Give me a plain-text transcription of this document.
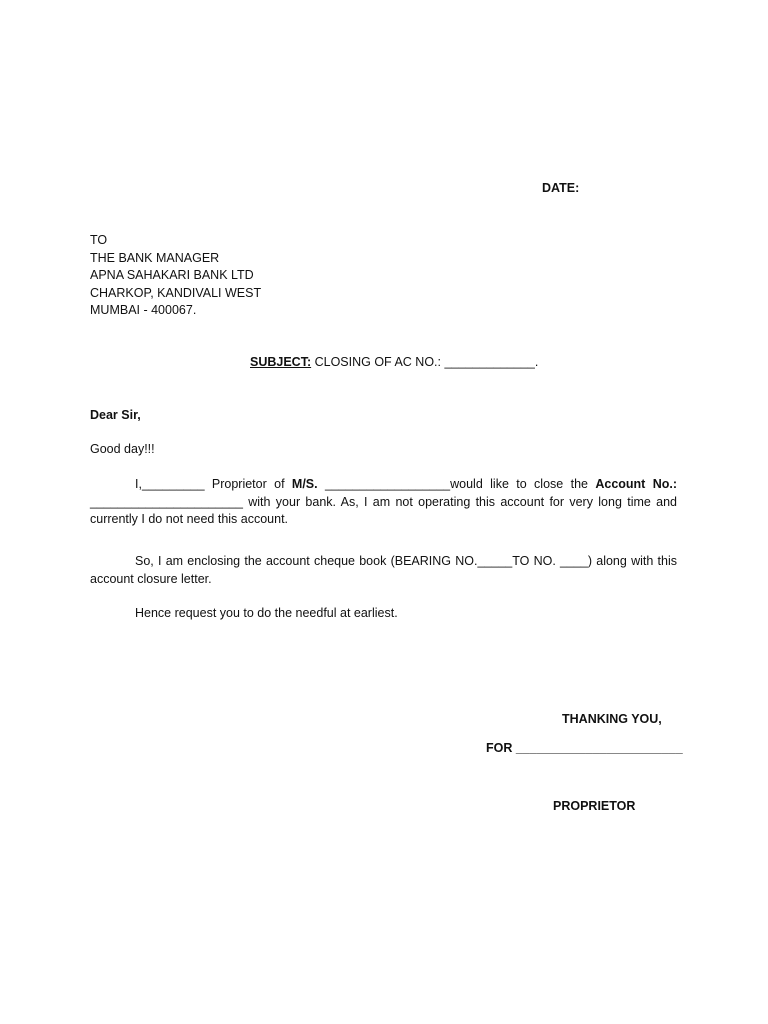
DATE:
TO
THE BANK MANAGER
APNA SAHAKARI BANK LTD
CHARKOP, KANDIVALI WEST
MUMBAI - 400067.
SUBJECT: CLOSING OF AC NO.: _____________.
Dear Sir,
Good day!!!
I,_________ Proprietor of M/S. __________________would like to close the Account No.: ______________________ with your bank. As, I am not operating this account for very long time and currently I do not need this account.
So, I am enclosing the account cheque book (BEARING NO._____TO NO. ____) along with this account closure letter.
Hence request you to do the needful at earliest.
THANKING YOU,
FOR ________________________
PROPRIETOR
